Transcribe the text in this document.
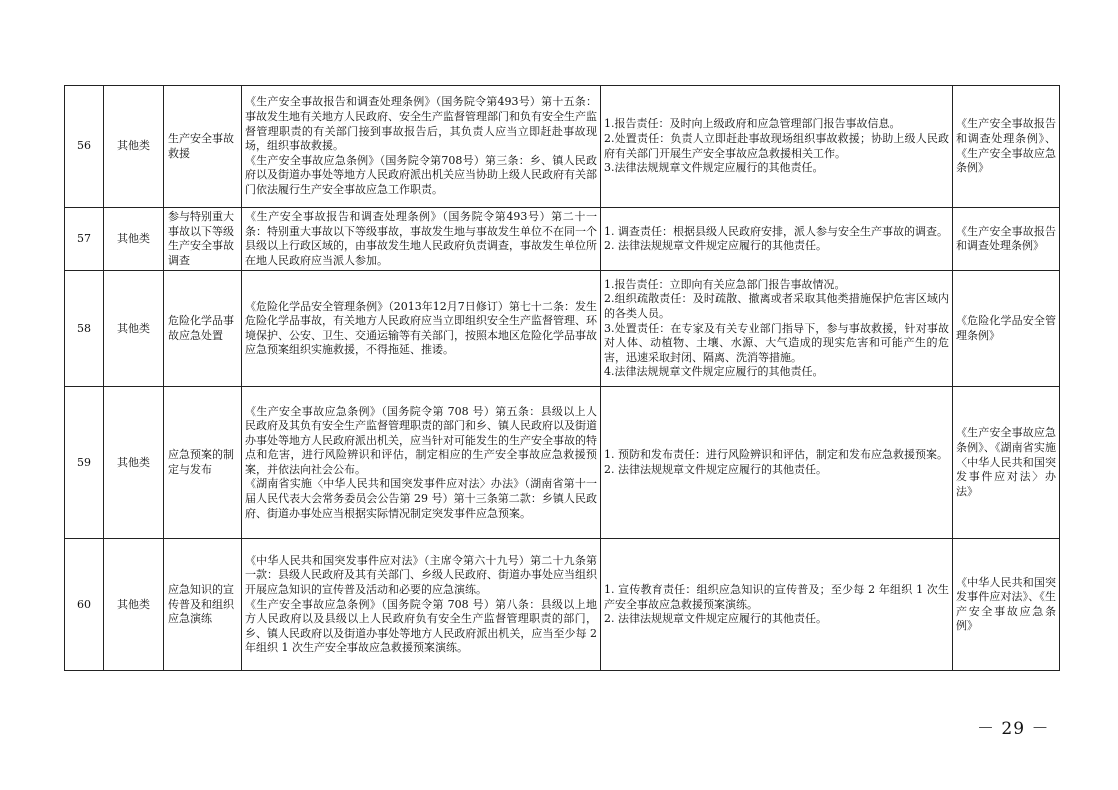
56	其他类	生产安全事故救援	《生产安全事故报告和调查处理条例》（国务院令第493号）第十五条：事故发生地有关地方人民政府、安全生产监督管理部门和负有安全生产监督管理职责的有关部门接到事故报告后，其负责人应当立即赶赴事故现场，组织事故救援。
《生产安全事故应急条例》（国务院令第708号）第三条：乡、镇人民政府以及街道办事处等地方人民政府派出机关应当协助上级人民政府有关部门依法履行生产安全事故应急工作职责。	1.报告责任：及时向上级政府和应急管理部门报告事故信息。
2.处置责任：负责人立即赶赴事故现场组织事故救援；协助上级人民政府有关部门开展生产安全事故应急救援相关工作。
3.法律法规规章文件规定应履行的其他责任。	《生产安全事故报告和调查处理条例》、《生产安全事故应急条例》
57	其他类	参与特别重大事故以下等级生产安全事故调查	《生产安全事故报告和调查处理条例》（国务院令第493号）第二十一条：特别重大事故以下等级事故，事故发生地与事故发生单位不在同一个县级以上行政区域的，由事故发生地人民政府负责调查，事故发生单位所在地人民政府应当派人参加。	1. 调查责任：根据县级人民政府安排，派人参与安全生产事故的调查。
2. 法律法规规章文件规定应履行的其他责任。	《生产安全事故报告和调查处理条例》
58	其他类	危险化学品事故应急处置	《危险化学品安全管理条例》（2013年12月7日修订）第七十二条：发生危险化学品事故，有关地方人民政府应当立即组织安全生产监督管理、环境保护、公安、卫生、交通运输等有关部门，按照本地区危险化学品事故应急预案组织实施救援，不得拖延、推诿。	1.报告责任：立即向有关应急部门报告事故情况。
2.组织疏散责任：及时疏散、撤离或者采取其他类措施保护危害区域内的各类人员。
3.处置责任：在专家及有关专业部门指导下，参与事故救援，针对事故对人体、动植物、土壤、水源、大气造成的现实危害和可能产生的危害，迅速采取封闭、隔离、洗消等措施。
4.法律法规规章文件规定应履行的其他责任。	《危险化学品安全管理条例》
59	其他类	应急预案的制定与发布	《生产安全事故应急条例》（国务院令第 708 号）第五条：县级以上人民政府及其负有安全生产监督管理职责的部门和乡、镇人民政府以及街道办事处等地方人民政府派出机关，应当针对可能发生的生产安全事故的特点和危害，进行风险辨识和评估，制定相应的生产安全事故应急救援预案，并依法向社会公布。
《湖南省实施〈中华人民共和国突发事件应对法〉办法》（湖南省第十一届人民代表大会常务委员会公告第 29 号）第十三条第二款：乡镇人民政府、街道办事处应当根据实际情况制定突发事件应急预案。	1. 预防和发布责任：进行风险辨识和评估，制定和发布应急救援预案。
2. 法律法规规章文件规定应履行的其他责任。	《生产安全事故应急条例》、《湖南省实施〈中华人民共和国突发事件应对法〉办法》
60	其他类	应急知识的宣传普及和组织应急演练	《中华人民共和国突发事件应对法》（主席令第六十九号）第二十九条第一款：县级人民政府及其有关部门、乡级人民政府、街道办事处应当组织开展应急知识的宣传普及活动和必要的应急演练。
《生产安全事故应急条例》（国务院令第 708 号）第八条：县级以上地方人民政府以及县级以上人民政府负有安全生产监督管理职责的部门，乡、镇人民政府以及街道办事处等地方人民政府派出机关，应当至少每 2 年组织 1 次生产安全事故应急救援预案演练。	1. 宣传教育责任：组织应急知识的宣传普及；至少每 2 年组织 1 次生产安全事故应急救援预案演练。
2. 法律法规规章文件规定应履行的其他责任。	《中华人民共和国突发事件应对法》、《生产安全事故应急条例》
－ 29 －
